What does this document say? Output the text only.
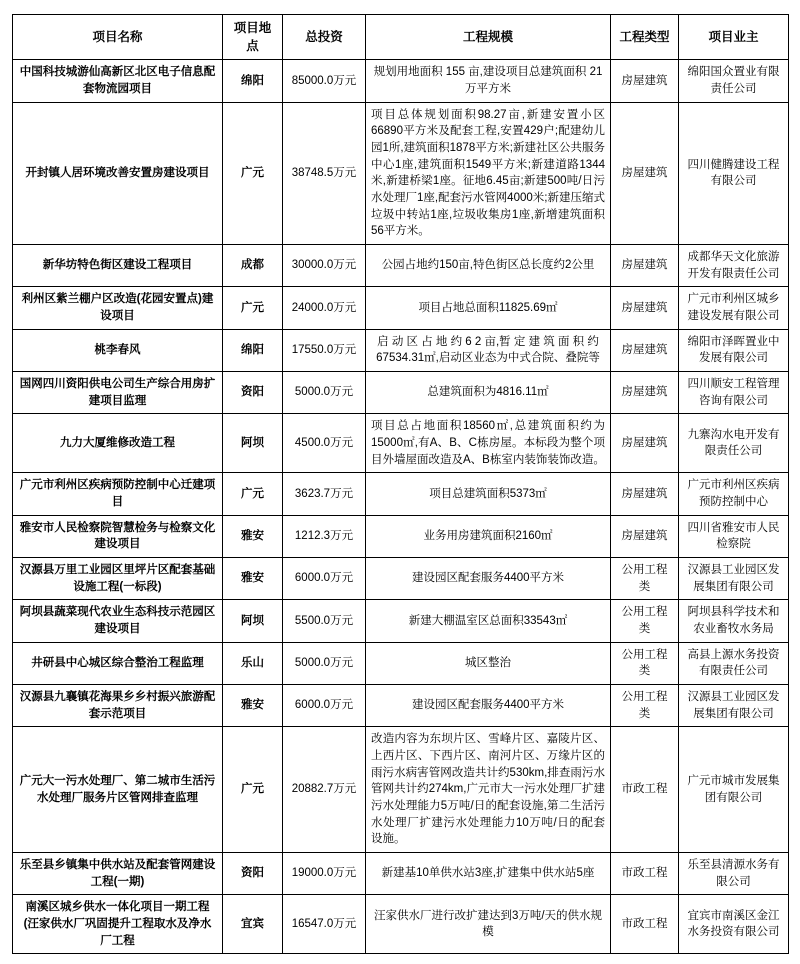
项目名称	项目地点	总投资	工程规模	工程类型	项目业主
中国科技城游仙高新区北区电子信息配套物流园项目	绵阳	85000.0万元	规划用地面积 155 亩,建设项目总建筑面积 21 万平方米	房屋建筑	绵阳国众置业有限责任公司
开封镇人居环境改善安置房建设项目	广元	38748.5万元	项目总体规划面积98.27亩,新建安置小区66890平方米及配套工程,安置429户;配建幼儿园1所,建筑面积1878平方米;新建社区公共服务中心1座,建筑面积1549平方米;新建道路1344米,新建桥梁1座。征地6.45亩;新建500吨/日污水处理厂1座,配套污水管网4000米;新建压缩式垃圾中转站1座,垃圾收集房1座,新增建筑面积56平方米。	房屋建筑	四川健腾建设工程有限公司
新华坊特色街区建设工程项目	成都	30000.0万元	公园占地约150亩,特色街区总长度约2公里	房屋建筑	成都华天文化旅游开发有限责任公司
利州区紫兰棚户区改造(花园安置点)建设项目	广元	24000.0万元	项目占地总面积11825.69㎡	房屋建筑	广元市利州区城乡建设发展有限公司
桃李春风	绵阳	17550.0万元	启 动 区 占 地 约 6 2 亩,暂 定 建 筑 面 积 约 67534.31㎡,启动区业态为中式合院、叠院等	房屋建筑	绵阳市泽晖置业中发展有限公司
国网四川资阳供电公司生产综合用房扩建项目监理	资阳	5000.0万元	总建筑面积为4816.11㎡	房屋建筑	四川顺安工程管理咨询有限公司
九力大厦维修改造工程	阿坝	4500.0万元	项目总占地面积18560㎡,总建筑面积约为15000㎡,有A、B、C栋房屋。本标段为整个项目外墙屋面改造及A、B栋室内装饰装饰改造。	房屋建筑	九寨沟水电开发有限责任公司
广元市利州区疾病预防控制中心迁建项目	广元	3623.7万元	项目总建筑面积5373㎡	房屋建筑	广元市利州区疾病预防控制中心
雅安市人民检察院智慧检务与检察文化建设项目	雅安	1212.3万元	业务用房建筑面积2160㎡	房屋建筑	四川省雅安市人民检察院
汉源县万里工业园区里坪片区配套基础设施工程(一标段)	雅安	6000.0万元	建设园区配套服务4400平方米	公用工程类	汉源县工业园区发展集团有限公司
阿坝县蔬菜现代农业生态科技示范园区建设项目	阿坝	5500.0万元	新建大棚温室区总面积33543㎡	公用工程类	阿坝县科学技术和农业畜牧水务局
井研县中心城区综合整治工程监理	乐山	5000.0万元	城区整治	公用工程类	高县上源水务投资有限责任公司
汉源县九襄镇花海果乡乡村振兴旅游配套示范项目	雅安	6000.0万元	建设园区配套服务4400平方米	公用工程类	汉源县工业园区发展集团有限公司
广元大一污水处理厂、第二城市生活污水处理厂服务片区管网排查监理	广元	20882.7万元	改造内容为东坝片区、雪峰片区、嘉陵片区、上西片区、下西片区、南河片区、万缘片区的雨污水病害管网改造共计约530km,排查雨污水管网共计约274km,广元市大一污水处理厂扩建污水处理能力5万吨/日的配套设施,第二生活污水处理厂扩建污水处理能力10万吨/日的配套设施。	市政工程	广元市城市发展集团有限公司
乐至县乡镇集中供水站及配套管网建设工程(一期)	资阳	19000.0万元	新建基10单供水站3座,扩建集中供水站5座	市政工程	乐至县清源水务有限公司
南溪区城乡供水一体化项目一期工程(汪家供水厂巩固提升工程取水及净水厂工程	宜宾	16547.0万元	汪家供水厂进行改扩建达到3万吨/天的供水规模	市政工程	宜宾市南溪区金江水务投资有限公司
